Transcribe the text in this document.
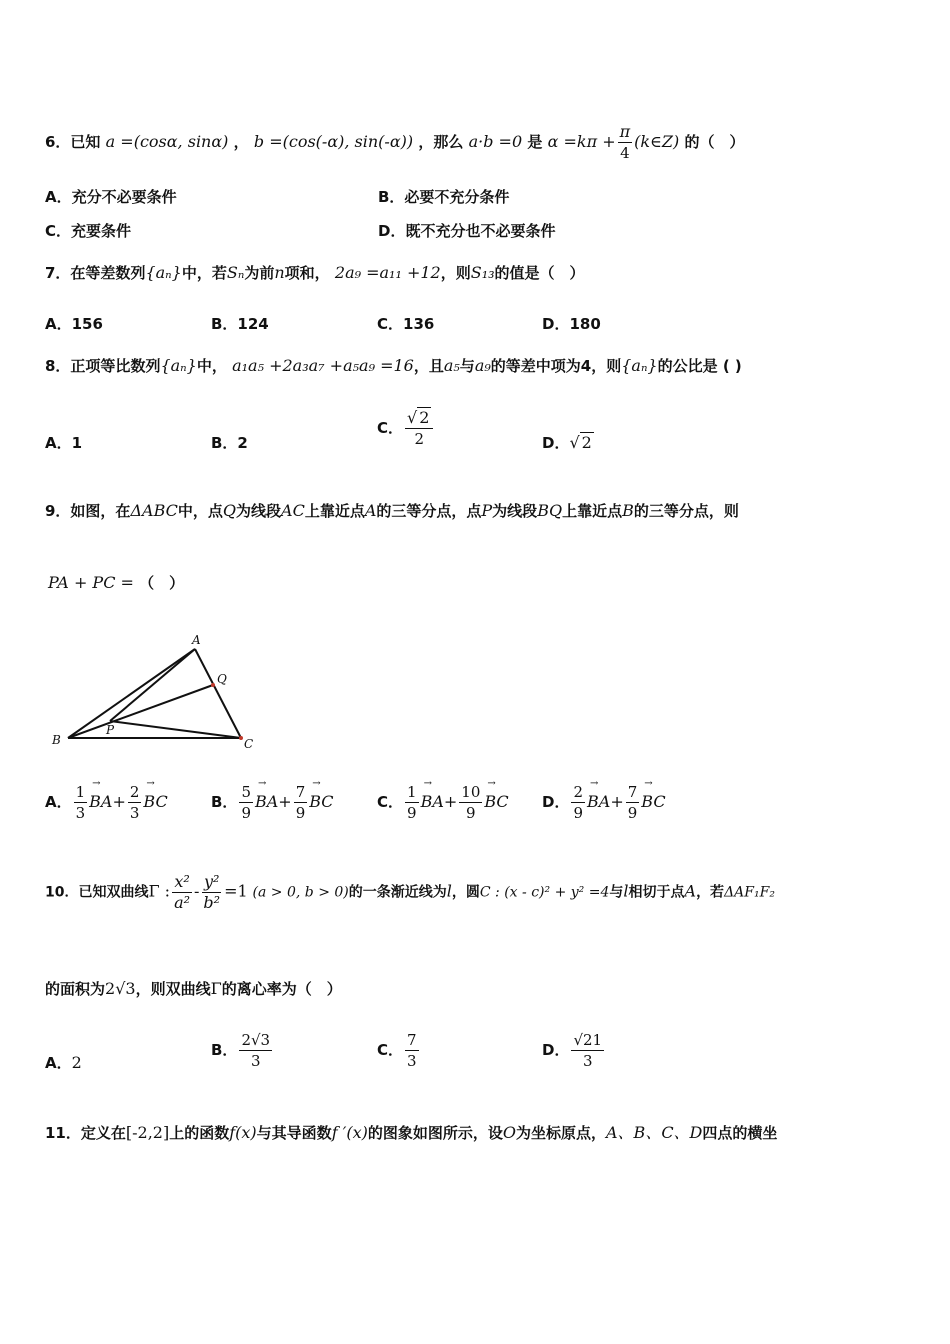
6．已知 a =(cosα, sinα) ， b =(cos(-α), sin(-α)) ，那么 a·b =0 是 $\alpha =k\pi + \frac{\pi}{4}$ (k∈Z) 的（　）
A．充分不必要条件	B．必要不充分条件
C．充要条件	D．既不充分也不必要条件
7．在等差数列{aₙ}中，若Sₙ为前n项和， 2a₉ =a₁₁ +12，则S₁₃的值是（　）
A．156	B．124	C．136	D．180
8．正项等比数列{aₙ}中， a₁a₅ +2a₃a₇ +a₅a₉ =16，且a₅与a₉的等差中项为4，则{aₙ}的公比是 ( )
A．1	B．2
C． $\frac{√ 2}{2}$	D．√ 2
9．如图，在ΔABC中，点Q为线段AC上靠近点A的三等分点，点P为线段BQ上靠近点B的三等分点，则
PA + PC = （　）
A
Q
P
B	C
A． $\frac{1}{3}$
→ $BA+ \frac{2}{3}$
→ BC	B． $\frac{5}{9}$
→ $BA+ \frac{7}{9}$
→ BC	C． $\frac{1}{9}$
→ $BA+ \frac{10}{9}$
→ BC D． $\frac{2}{9}$
→ $BA+ \frac{7}{9}$
→ BC
10．已知双曲线Γ : $\frac{\text{x²}}{\text{a²}} - \frac{\text{y²}}{\text{b²}} =1$ (a > 0, b > 0)的一条渐近线为l，圆C : (x - c)² + y² =4与l相切于点A，若ΔAF₁F₂
的面积为2√3，则双曲线Γ的离心率为（　）
A．2
B． $\frac{2√3}{3}$	C． $\frac{7}{3}$	D． $\frac{√21}{3}$
11．定义在[-2,2]上的函数f(x)与其导函数f ′(x)的图象如图所示，设O为坐标原点，A、B、C、D四点的横坐
